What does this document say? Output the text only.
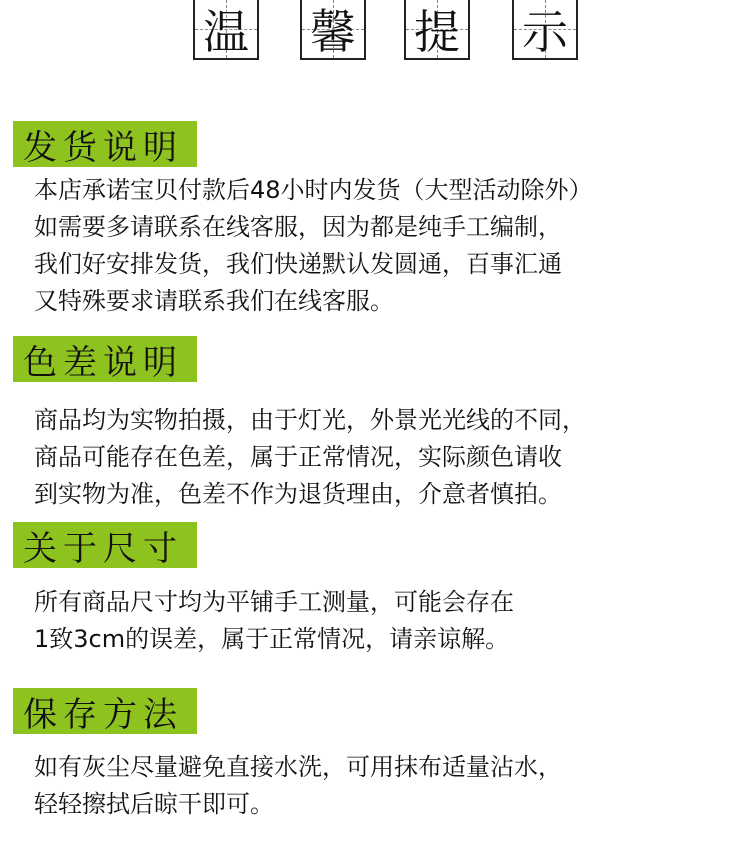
温 馨 提 示
发货说明
本店承诺宝贝付款后48小时内发货（大型活动除外）
如需要多请联系在线客服，因为都是纯手工编制，
我们好安排发货，我们快递默认发圆通，百事汇通
又特殊要求请联系我们在线客服。
色差说明
商品均为实物拍摄，由于灯光，外景光光线的不同，
商品可能存在色差，属于正常情况，实际颜色请收
到实物为准，色差不作为退货理由，介意者慎拍。
关于尺寸
所有商品尺寸均为平铺手工测量，可能会存在
1致3cm的误差，属于正常情况，请亲谅解。
保存方法
如有灰尘尽量避免直接水洗，可用抹布适量沾水，
轻轻擦拭后晾干即可。
